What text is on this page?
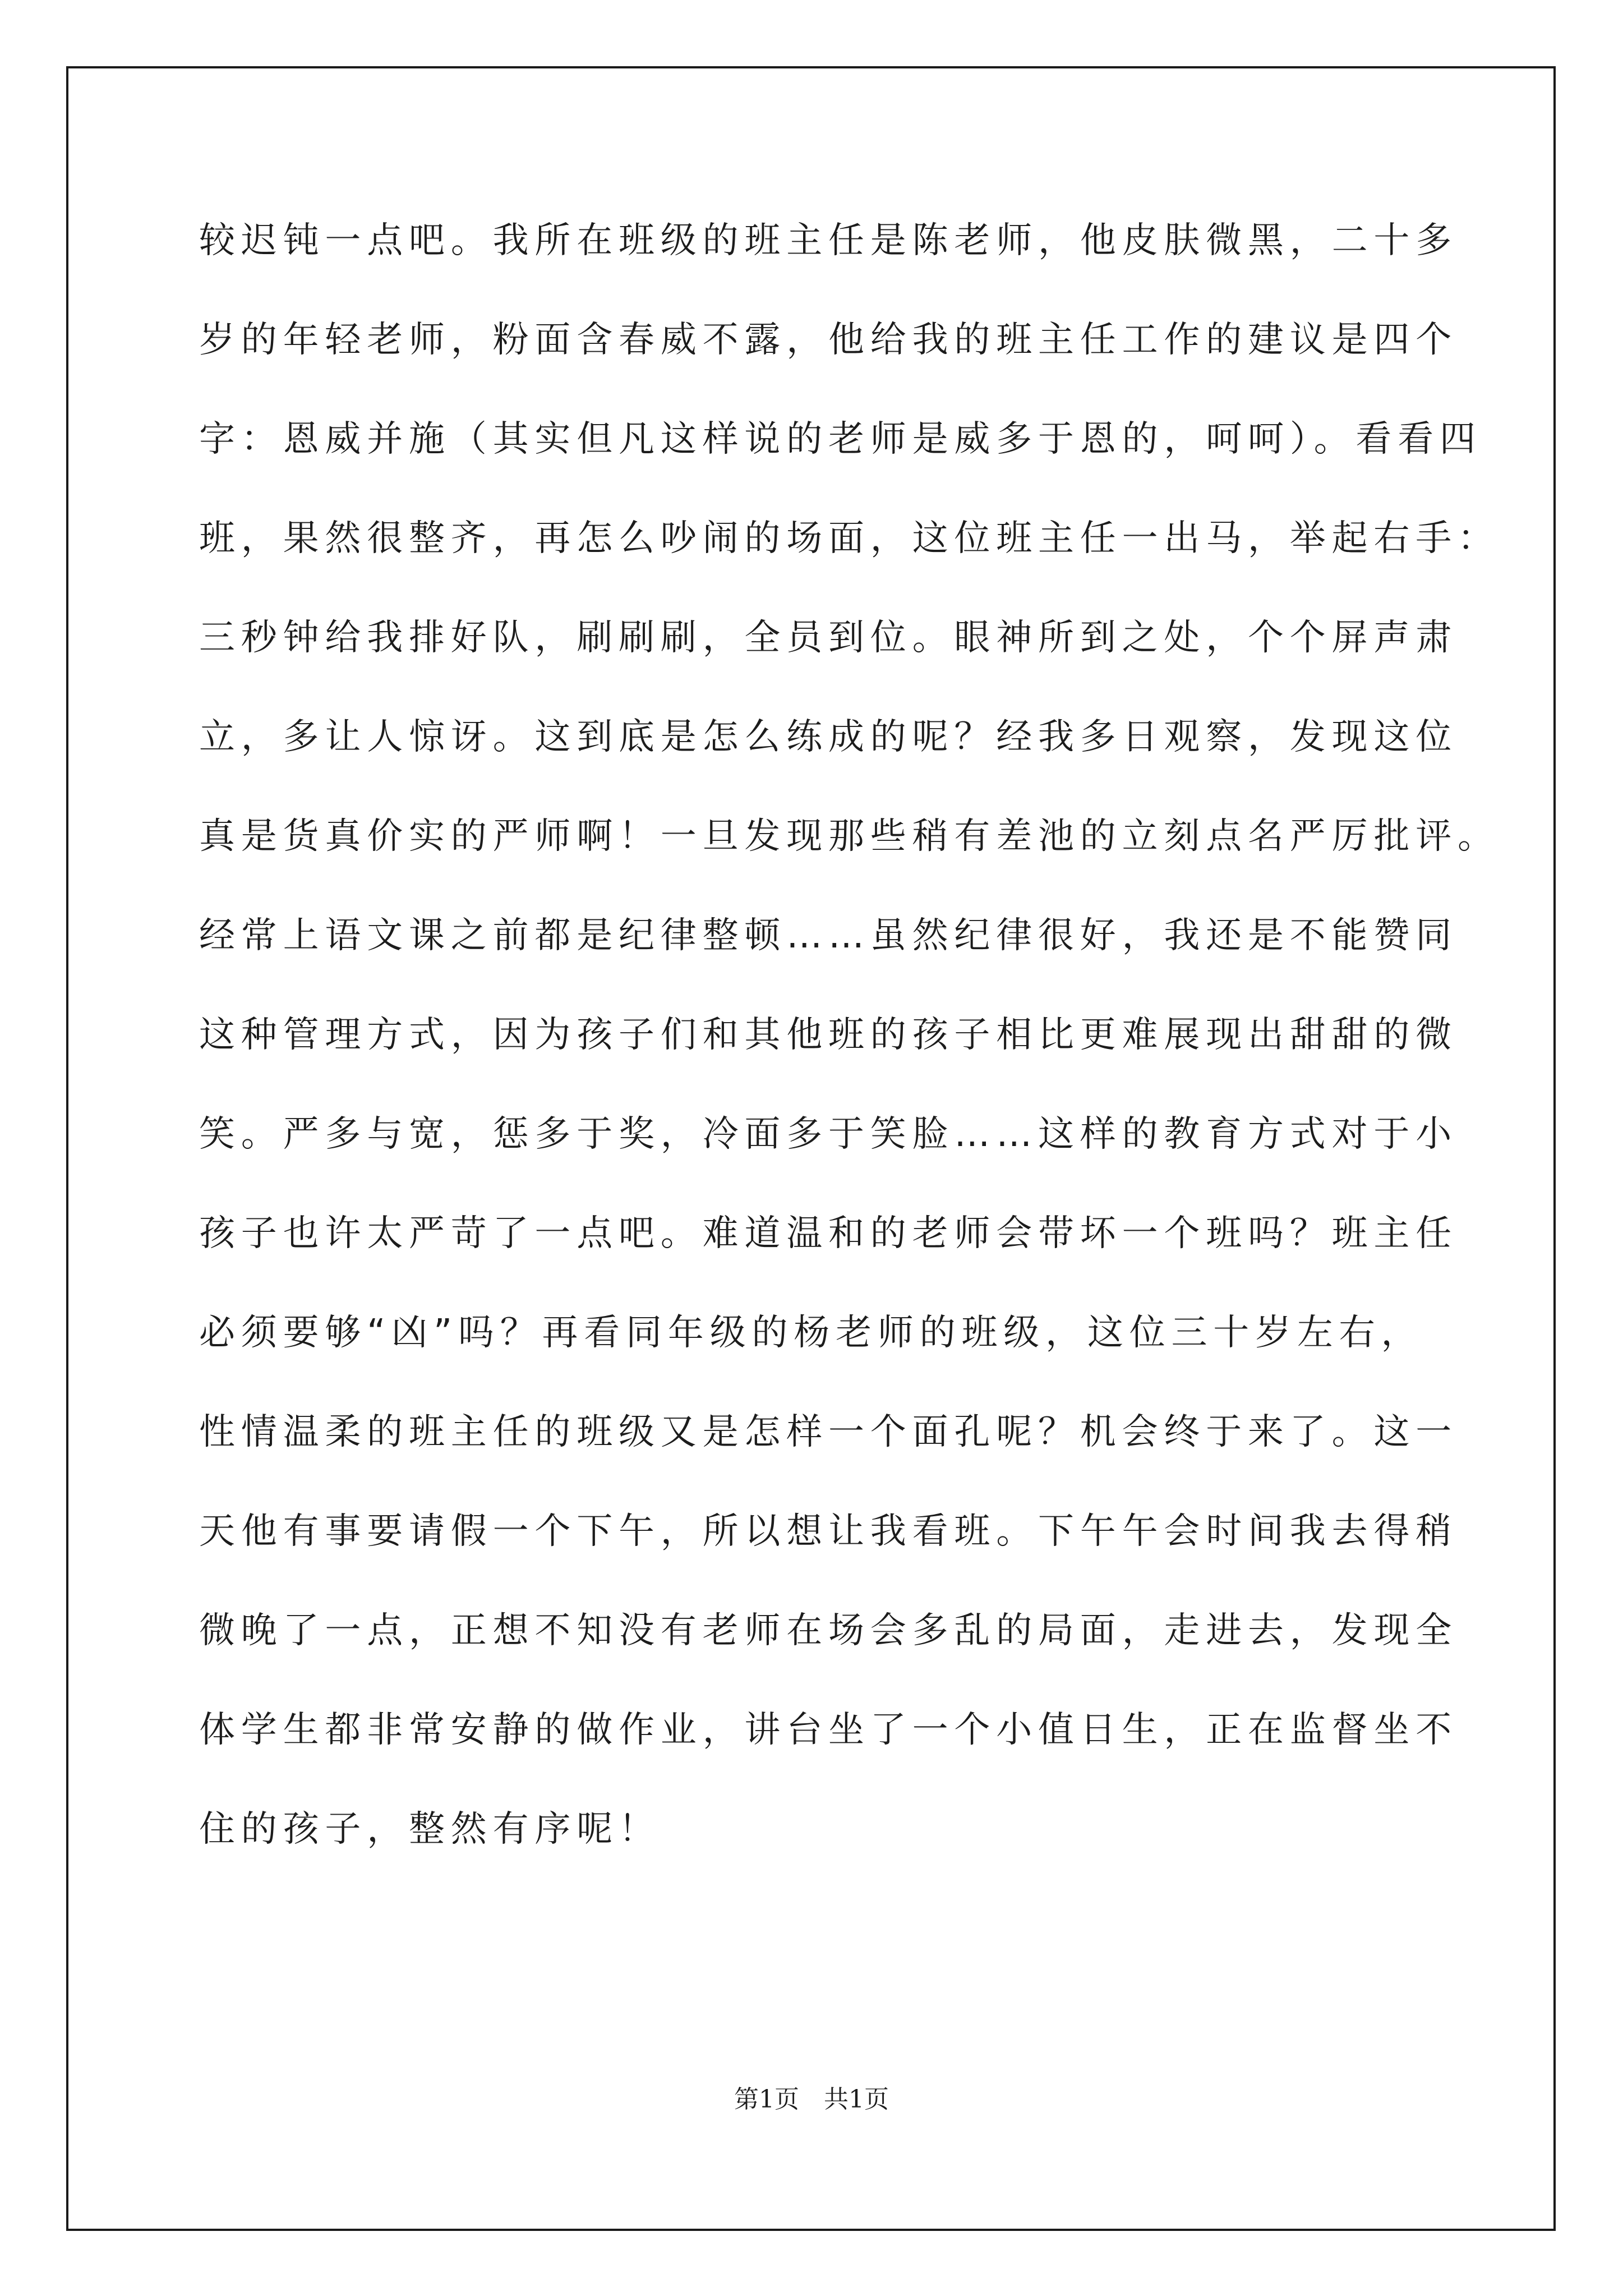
较迟钝一点吧。我所在班级的班主任是陈老师，他皮肤微黑，二十多
岁的年轻老师，粉面含春威不露，他给我的班主任工作的建议是四个
字：恩威并施（其实但凡这样说的老师是威多于恩的，呵呵）。看看四
班，果然很整齐，再怎么吵闹的场面，这位班主任一出马，举起右手：
三秒钟给我排好队，刷刷刷，全员到位。眼神所到之处，个个屏声肃
立，多让人惊讶。这到底是怎么练成的呢？经我多日观察，发现这位
真是货真价实的严师啊！一旦发现那些稍有差池的立刻点名严厉批评。
经常上语文课之前都是纪律整顿……虽然纪律很好，我还是不能赞同
这种管理方式，因为孩子们和其他班的孩子相比更难展现出甜甜的微
笑。严多与宽，惩多于奖，冷面多于笑脸……这样的教育方式对于小
孩子也许太严苛了一点吧。难道温和的老师会带坏一个班吗？班主任
必须要够“凶”吗？再看同年级的杨老师的班级，这位三十岁左右，
性情温柔的班主任的班级又是怎样一个面孔呢？机会终于来了。这一
天他有事要请假一个下午，所以想让我看班。下午午会时间我去得稍
微晚了一点，正想不知没有老师在场会多乱的局面，走进去，发现全
体学生都非常安静的做作业，讲台坐了一个小值日生，正在监督坐不
住的孩子，整然有序呢！
第1页　共1页
